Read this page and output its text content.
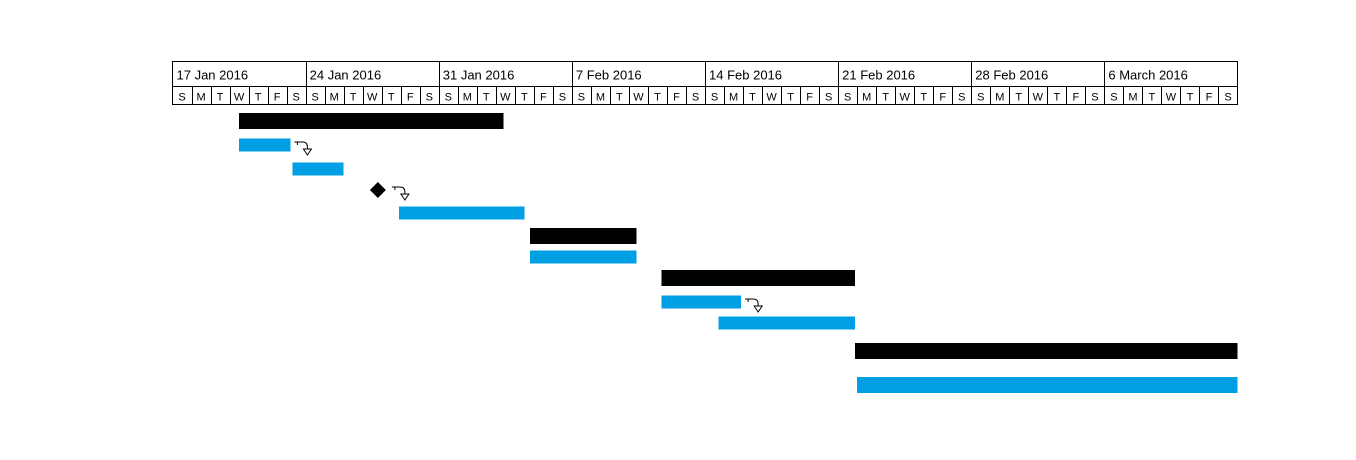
17 Jan 2016	24 Jan 2016	31 Jan 2016	7 Feb 2016	14 Feb 2016	21 Feb 2016	28 Feb 2016	6 March 2016
S M T W T F S S M T W T F S S M T W T F S S M T W T F S S M T W T F S S M T W T F S S M T W T F S S M T W T F S
